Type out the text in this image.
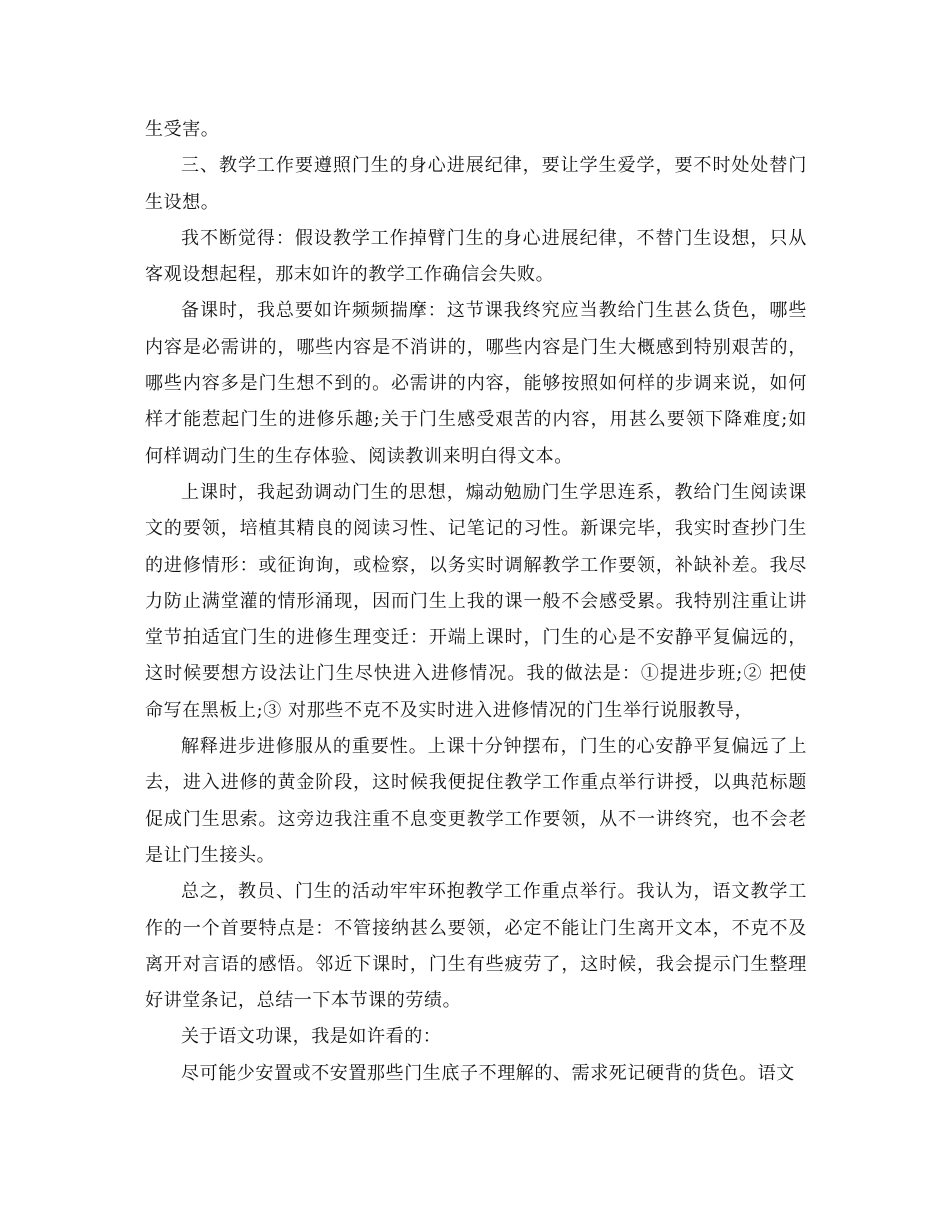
生受害。

三、教学工作要遵照门生的身心进展纪律，要让学生爱学，要不时处处替门生设想。

我不断觉得：假设教学工作掉臂门生的身心进展纪律，不替门生设想，只从客观设想起程，那末如许的教学工作确信会失败。

备课时，我总要如许频频揣摩：这节课我终究应当教给门生甚么货色，哪些内容是必需讲的，哪些内容是不消讲的，哪些内容是门生大概感到特别艰苦的，哪些内容多是门生想不到的。必需讲的内容，能够按照如何样的步调来说，如何样才能惹起门生的进修乐趣;关于门生感受艰苦的内容，用甚么要领下降难度;如何样调动门生的生存体验、阅读教训来明白得文本。

上课时，我起劲调动门生的思想，煽动勉励门生学思连系，教给门生阅读课文的要领，培植其精良的阅读习性、记笔记的习性。新课完毕，我实时查抄门生的进修情形：或征询询，或检察，以务实时调解教学工作要领，补缺补差。我尽力防止满堂灌的情形涌现，因而门生上我的课一般不会感受累。我特别注重让讲堂节拍适宜门生的进修生理变迁：开端上课时，门生的心是不安静平复偏远的，这时候要想方设法让门生尽快进入进修情况。我的做法是：①提进步班;② 把使命写在黑板上;③ 对那些不克不及实时进入进修情况的门生举行说服教导，

解释进步进修服从的重要性。上课十分钟摆布，门生的心安静平复偏远了上去，进入进修的黄金阶段，这时候我便捉住教学工作重点举行讲授，以典范标题促成门生思索。这旁边我注重不息变更教学工作要领，从不一讲终究，也不会老是让门生接头。

总之，教员、门生的活动牢牢环抱教学工作重点举行。我认为，语文教学工作的一个首要特点是：不管接纳甚么要领，必定不能让门生离开文本，不克不及离开对言语的感悟。邻近下课时，门生有些疲劳了，这时候，我会提示门生整理好讲堂条记，总结一下本节课的劳绩。

关于语文功课，我是如许看的：

尽可能少安置或不安置那些门生底子不理解的、需求死记硬背的货色。语文
